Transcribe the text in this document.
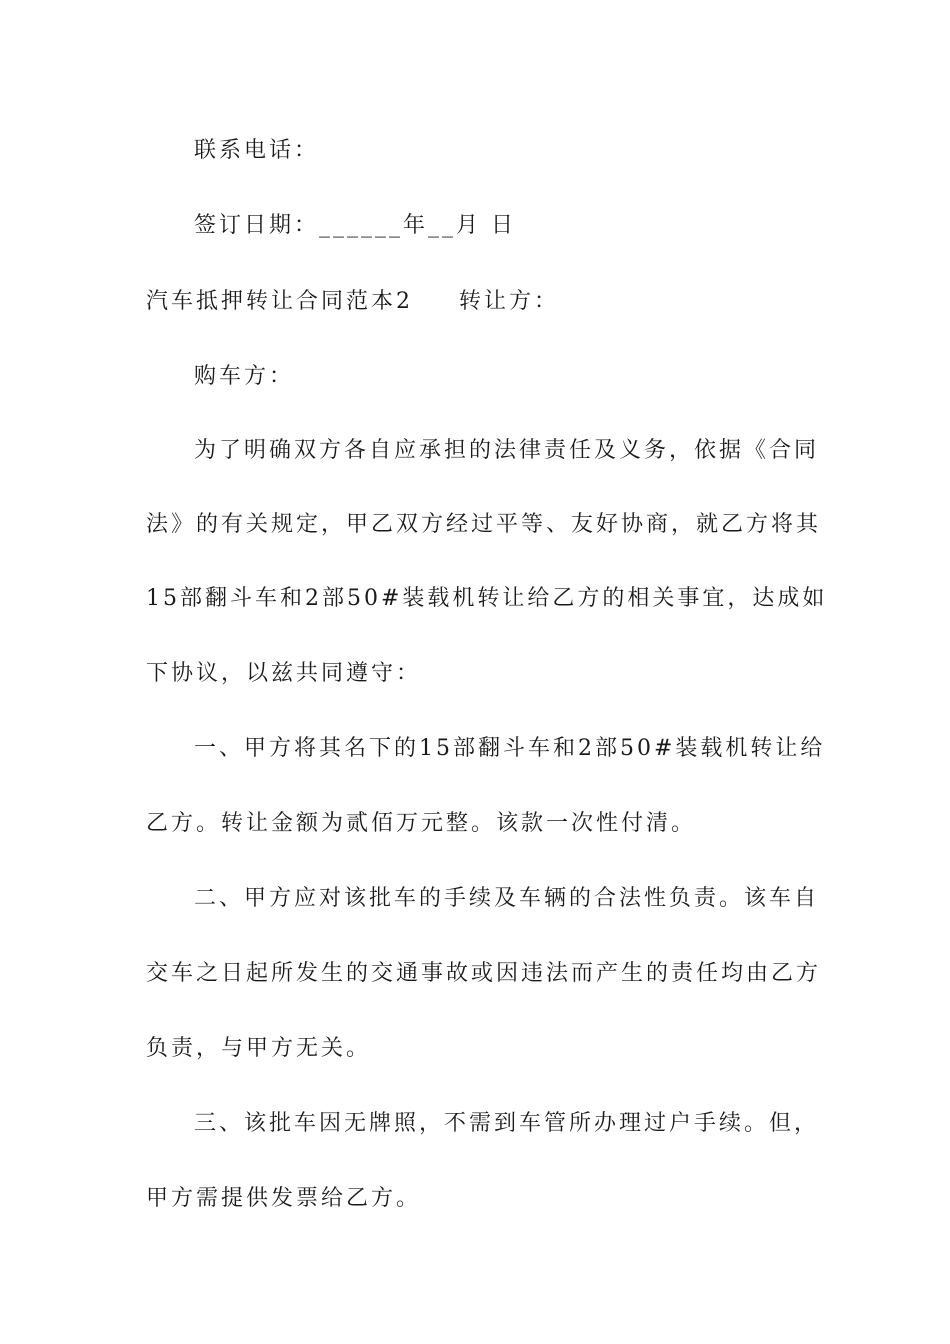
联系电话：
签订日期：______年__月 日
汽车抵押转让合同范本2 转让方：
购车方：
为了明确双方各自应承担的法律责任及义务，依据《合同
法》的有关规定，甲乙双方经过平等、友好协商，就乙方将其
15部翻斗车和2部50#装载机转让给乙方的相关事宜，达成如
下协议，以兹共同遵守：
一、甲方将其名下的15部翻斗车和2部50#装载机转让给
乙方。转让金额为贰佰万元整。该款一次性付清。
二、甲方应对该批车的手续及车辆的合法性负责。该车自
交车之日起所发生的交通事故或因违法而产生的责任均由乙方
负责，与甲方无关。
三、该批车因无牌照，不需到车管所办理过户手续。但，
甲方需提供发票给乙方。
